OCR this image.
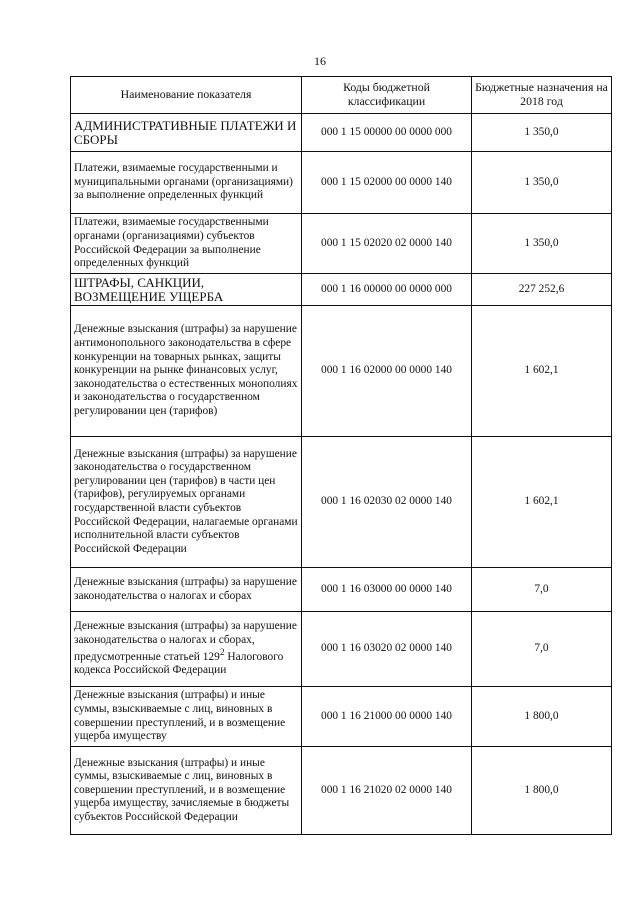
16
Наименование показателя	Коды бюджетной классификации	Бюджетные назначения на 2018 год
АДМИНИСТРАТИВНЫЕ ПЛАТЕЖИ И СБОРЫ	000 1 15 00000 00 0000 000	1 350,0
Платежи, взимаемые государственными и муниципальными органами (организациями) за выполнение определенных функций	000 1 15 02000 00 0000 140	1 350,0
Платежи, взимаемые государственными органами (организациями) субъектов Российской Федерации за выполнение определенных функций	000 1 15 02020 02 0000 140	1 350,0
ШТРАФЫ, САНКЦИИ, ВОЗМЕЩЕНИЕ УЩЕРБА	000 1 16 00000 00 0000 000	227 252,6
Денежные взыскания (штрафы) за нарушение антимонопольного законодательства в сфере конкуренции на товарных рынках, защиты конкуренции на рынке финансовых услуг, законодательства о естественных монополиях и законодательства о государственном регулировании цен (тарифов)	000 1 16 02000 00 0000 140	1 602,1
Денежные взыскания (штрафы) за нарушение законодательства о государственном регулировании цен (тарифов) в части цен (тарифов), регулируемых органами государственной власти субъектов Российской Федерации, налагаемые органами исполнительной власти субъектов Российской Федерации	000 1 16 02030 02 0000 140	1 602,1
Денежные взыскания (штрафы) за нарушение законодательства о налогах и сборах	000 1 16 03000 00 0000 140	7,0
Денежные взыскания (штрафы) за нарушение законодательства о налогах и сборах, предусмотренные статьей $129^2$ Налогового кодекса Российской Федерации	000 1 16 03020 02 0000 140	7,0
Денежные взыскания (штрафы) и иные суммы, взыскиваемые с лиц, виновных в совершении преступлений, и в возмещение ущерба имуществу	000 1 16 21000 00 0000 140	1 800,0
Денежные взыскания (штрафы) и иные суммы, взыскиваемые с лиц, виновных в совершении преступлений, и в возмещение ущерба имуществу, зачисляемые в бюджеты субъектов Российской Федерации	000 1 16 21020 02 0000 140	1 800,0
